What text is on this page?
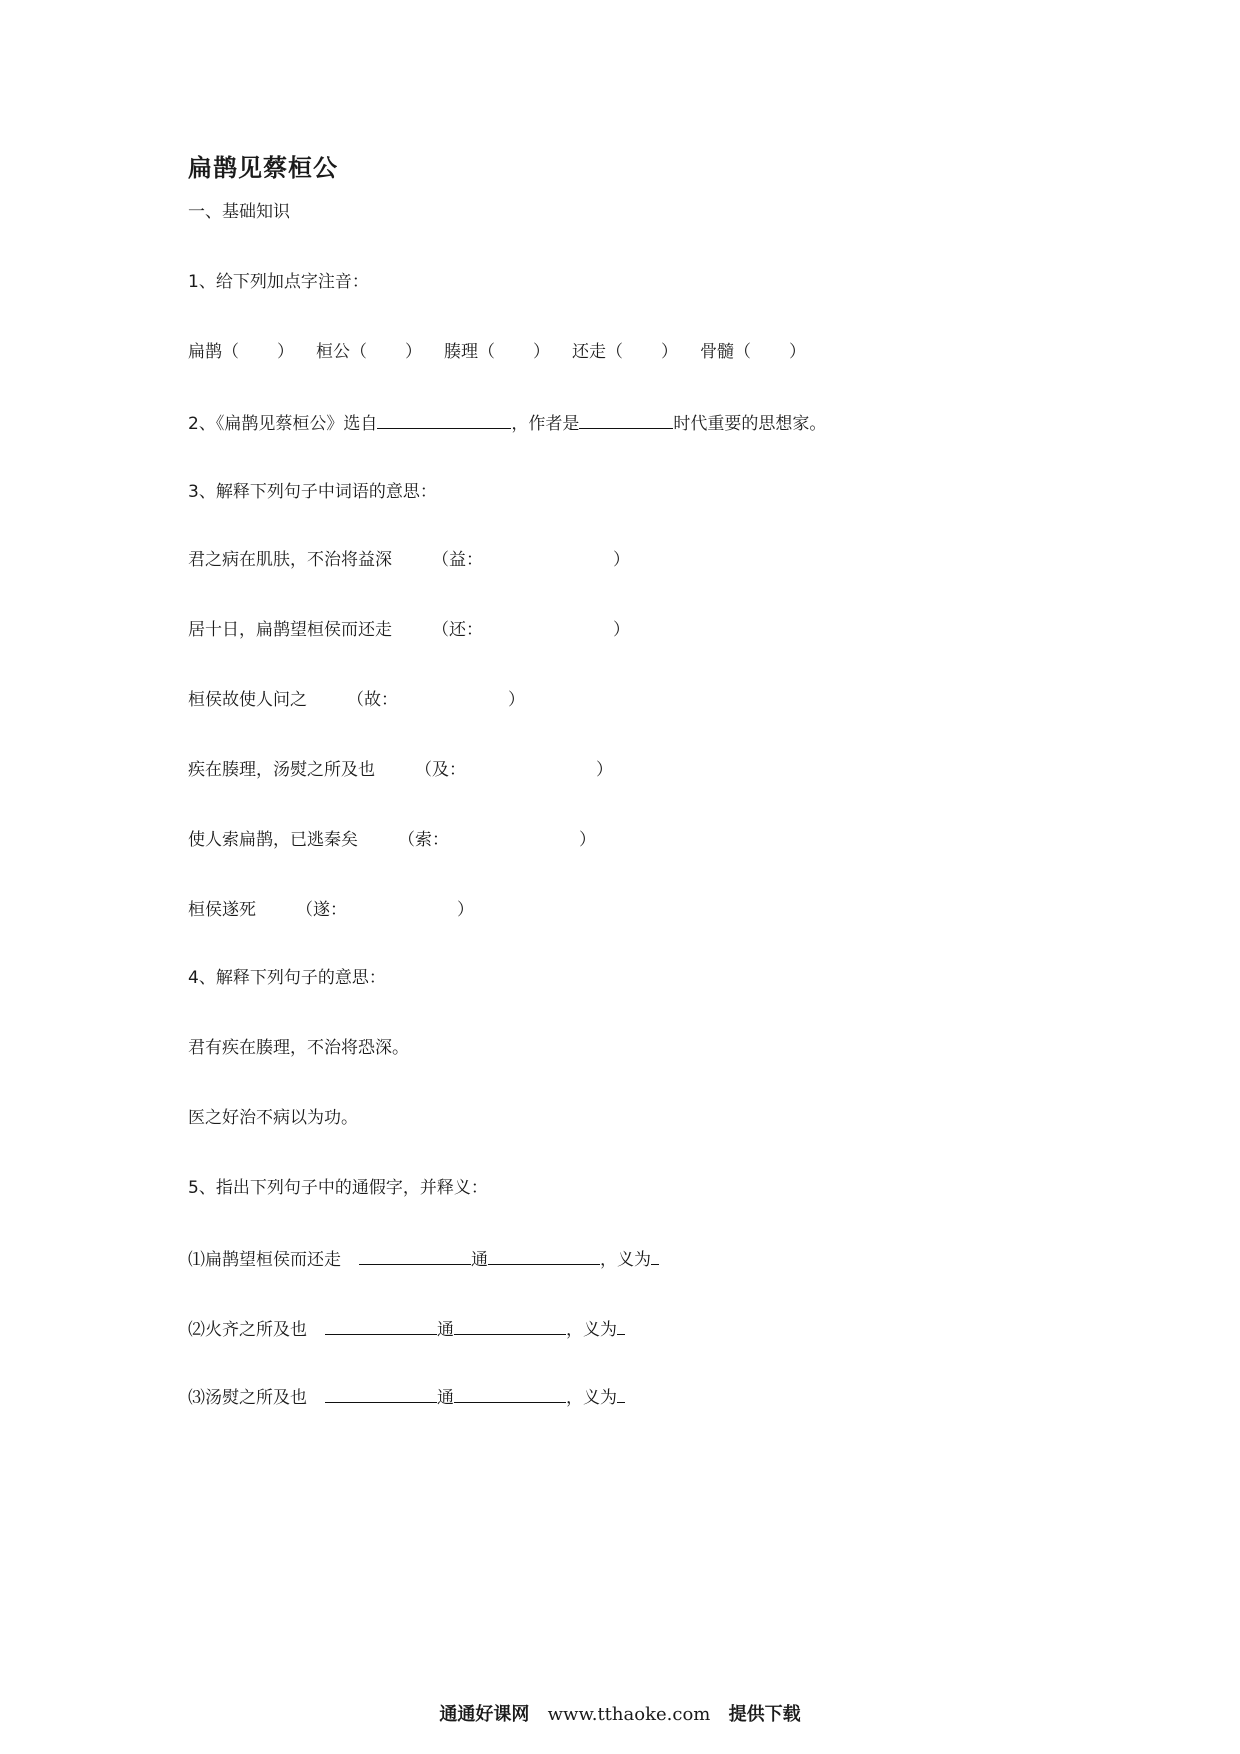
扁鹊见蔡桓公
一、基础知识
1、给下列加点字注音：
扁鹊（ ） 桓公（ ） 腠理（ ） 还走（ ） 骨髓（ ）
2、《扁鹊见蔡桓公》选自	，作者是	时代重要的思想家。
3、解释下列句子中词语的意思：
君之病在肌肤，不治将益深 （益：	）
居十日，扁鹊望桓侯而还走 （还：	）
桓侯故使人问之 （故：	）
疾在腠理，汤熨之所及也 （及：	）
使人索扁鹊，已逃秦矣 （索：	）
桓侯遂死 （遂：	）
4、解释下列句子的意思：
君有疾在腠理，不治将恐深。
医之好治不病以为功。
5、指出下列句子中的通假字，并释义：
⑴扁鹊望桓侯而还走	通	，义为
⑵火齐之所及也	通	，义为
⑶汤熨之所及也	通	，义为
通通好课网 www.tthaoke.com 提供下载
